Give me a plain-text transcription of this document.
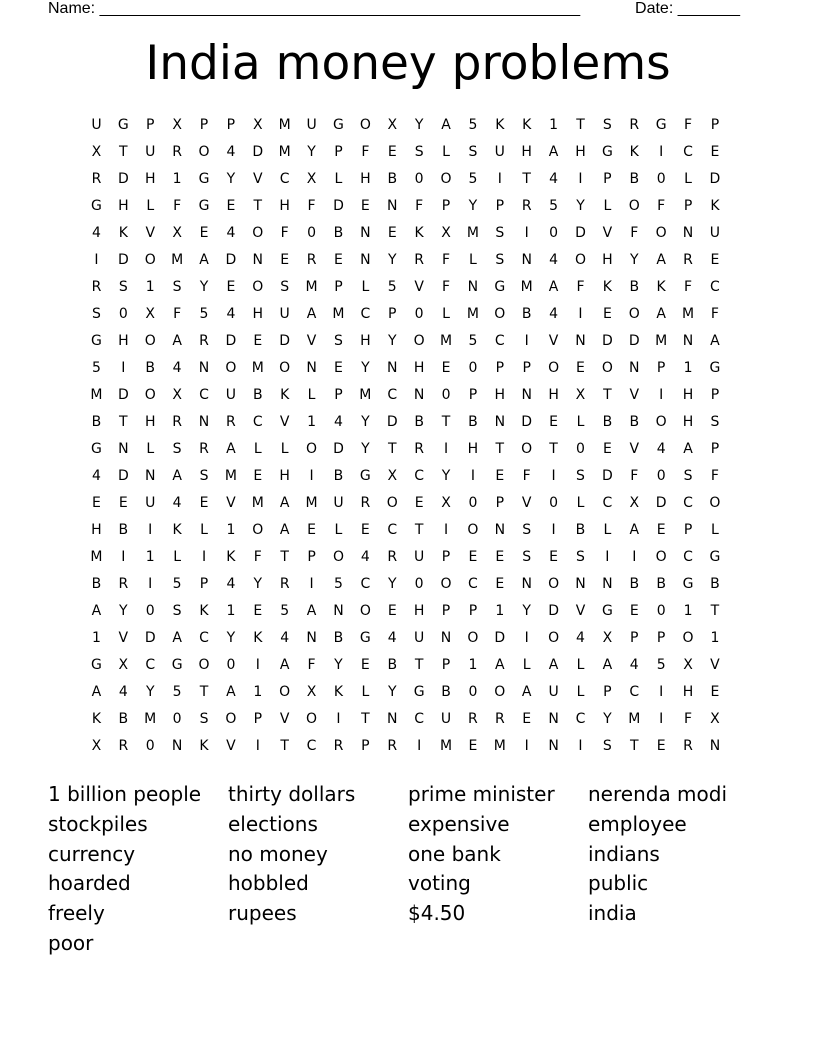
Name: ______________________________________________________	Date: _______
India money problems
U	G	P	X	P	P	X	M	U	G	O	X	Y	A	5	K	K	1	T	S	R	G	F	P
X	T	U	R	O	4	D	M	Y	P	F	E	S	L	S	U	H	A	H	G	K	I	C	E
R	D	H	1	G	Y	V	C	X	L	H	B	0	O	5	I	T	4	I	P	B	0	L	D
G	H	L	F	G	E	T	H	F	D	E	N	F	P	Y	P	R	5	Y	L	O	F	P	K
4	K	V	X	E	4	O	F	0	B	N	E	K	X	M	S	I	0	D	V	F	O	N	U
I	D	O	M	A	D	N	E	R	E	N	Y	R	F	L	S	N	4	O	H	Y	A	R	E
R	S	1	S	Y	E	O	S	M	P	L	5	V	F	N	G	M	A	F	K	B	K	F	C
S	0	X	F	5	4	H	U	A	M	C	P	0	L	M	O	B	4	I	E	O	A	M	F
G	H	O	A	R	D	E	D	V	S	H	Y	O	M	5	C	I	V	N	D	D	M	N	A
5	I	B	4	N	O	M	O	N	E	Y	N	H	E	0	P	P	O	E	O	N	P	1	G
M	D	O	X	C	U	B	K	L	P	M	C	N	0	P	H	N	H	X	T	V	I	H	P
B	T	H	R	N	R	C	V	1	4	Y	D	B	T	B	N	D	E	L	B	B	O	H	S
G	N	L	S	R	A	L	L	O	D	Y	T	R	I	H	T	O	T	0	E	V	4	A	P
4	D	N	A	S	M	E	H	I	B	G	X	C	Y	I	E	F	I	S	D	F	0	S	F
E	E	U	4	E	V	M	A	M	U	R	O	E	X	0	P	V	0	L	C	X	D	C	O
H	B	I	K	L	1	O	A	E	L	E	C	T	I	O	N	S	I	B	L	A	E	P	L
M	I	1	L	I	K	F	T	P	O	4	R	U	P	E	E	S	E	S	I	I	O	C	G
B	R	I	5	P	4	Y	R	I	5	C	Y	0	O	C	E	N	O	N	N	B	B	G	B
A	Y	0	S	K	1	E	5	A	N	O	E	H	P	P	1	Y	D	V	G	E	0	1	T
1	V	D	A	C	Y	K	4	N	B	G	4	U	N	O	D	I	O	4	X	P	P	O	1
G	X	C	G	O	0	I	A	F	Y	E	B	T	P	1	A	L	A	L	A	4	5	X	V
A	4	Y	5	T	A	1	O	X	K	L	Y	G	B	0	O	A	U	L	P	C	I	H	E
K	B	M	0	S	O	P	V	O	I	T	N	C	U	R	R	E	N	C	Y	M	I	F	X
X	R	0	N	K	V	I	T	C	R	P	R	I	M	E	M	I	N	I	S	T	E	R	N
1 billion people	thirty dollars	prime minister	nerenda modi
stockpiles	elections	expensive	employee
currency	no money	one bank	indians
hoarded	hobbled	voting	public
freely	rupees	$4.50	india
poor
